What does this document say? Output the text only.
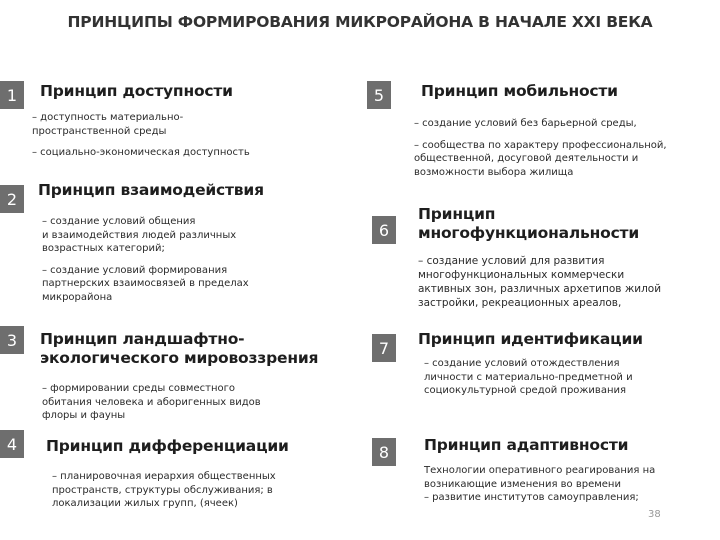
ПРИНЦИПЫ ФОРМИРОВАНИЯ МИКРОРАЙОНА В НАЧАЛЕ XXI ВЕКА
1	Принцип доступности

– доступность материально-
пространственной среды

– социально-экономическая доступность

2	Принцип взаимодействия

– создание условий общения
и взаимодействия людей различных
возрастных категорий;

– создание условий формирования
партнерских взаимосвязей в пределах
микрорайона

3	Принцип ландшафтно-
экологического мировоззрения

– формировании среды совместного
обитания человека и аборигенных видов
флоры и фауны

4	Принцип дифференциации

– планировочная иерархия общественных
пространств, структуры обслуживания; в
локализации жилых групп, (ячеек)

5	Принцип мобильности

– создание условий без барьерной среды,

– сообщества по характеру профессиональной,
общественной, досуговой деятельности и
возможности выбора жилища

6
Принцип
многофункциональности

– создание условий для развития
многофункциональных коммерчески
активных зон, различных архетипов жилой
застройки, рекреационных ареалов,

7	Принцип идентификации

– создание условий отождествления
личности с материально-предметной и
социокультурной средой проживания

8	Принцип адаптивности

Технологии оперативного реагирования на
возникающие изменения во времени
– развитие институтов самоуправления;

38
